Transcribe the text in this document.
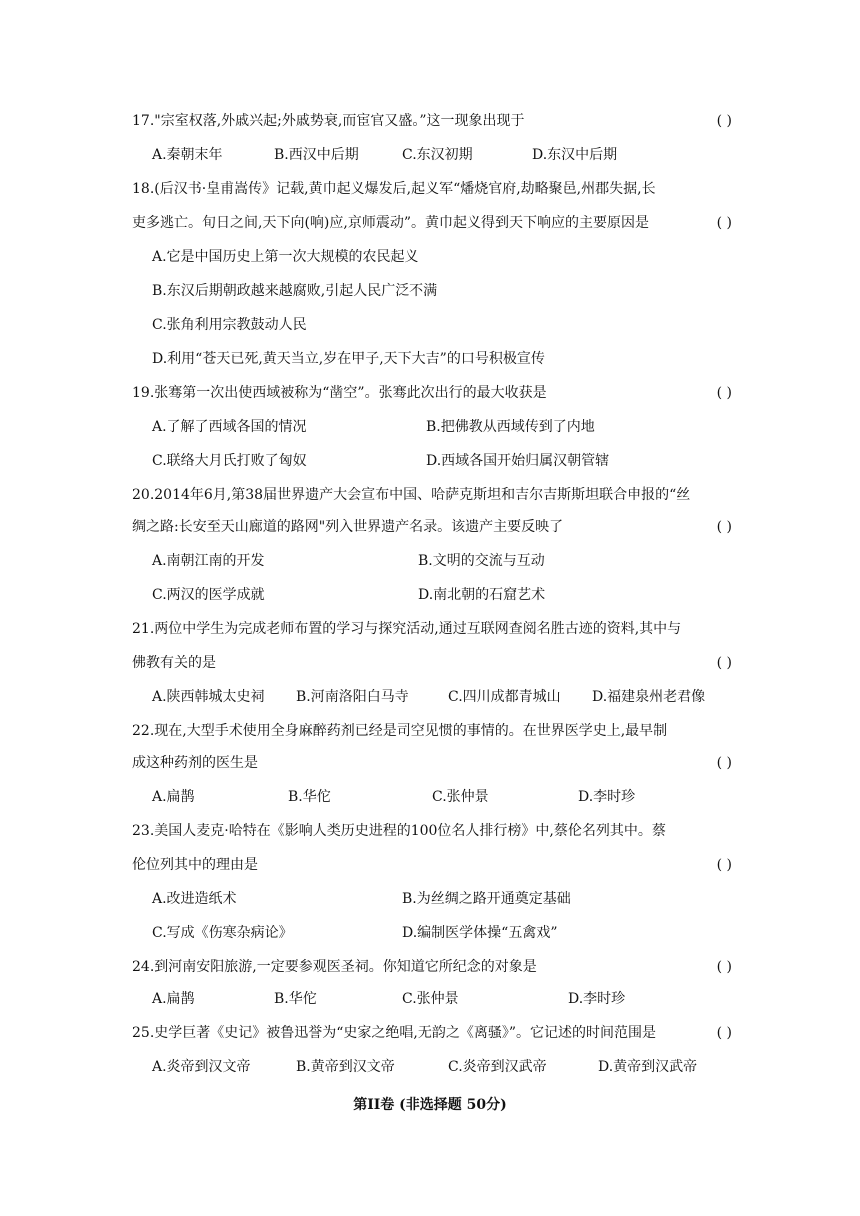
17."宗室权落,外戚兴起;外戚势衰,而宦官又盛。”这一现象出现于	( )
A.秦朝末年	B.西汉中后期	C.东汉初期	D.东汉中后期
18.(后汉书·皇甫嵩传》记载,黄巾起义爆发后,起义军“燔烧官府,劫略聚邑,州郡失据,长
吏多逃亡。旬日之间,天下向(响)应,京师震动”。黄巾起义得到天下响应的主要原因是	( )
A.它是中国历史上第一次大规模的农民起义
B.东汉后期朝政越来越腐败,引起人民广泛不满
C.张角利用宗教鼓动人民
D.利用“苍天已死,黄天当立,岁在甲子,天下大吉”的口号积极宣传
19.张骞第一次出使西域被称为“凿空”。张骞此次出行的最大收获是	( )
A.了解了西域各国的情况	B.把佛教从西域传到了内地
C.联络大月氏打败了匈奴	D.西域各国开始归属汉朝管辖
20.2014年6月,第38届世界遗产大会宣布中国、哈萨克斯坦和吉尔吉斯斯坦联合申报的“丝
绸之路:长安至天山廊道的路网"列入世界遗产名录。该遗产主要反映了	( )
A.南朝江南的开发	B.文明的交流与互动
C.两汉的医学成就	D.南北朝的石窟艺术
21.两位中学生为完成老师布置的学习与探究活动,通过互联网查阅名胜古迹的资料,其中与
佛教有关的是	( )
A.陕西韩城太史祠 B.河南洛阳白马寺	C.四川成都青城山 D.福建泉州老君像
22.现在,大型手术使用全身麻醉药剂已经是司空见惯的事情的。在世界医学史上,最早制
成这种药剂的医生是	( )
A.扁鹊	B.华佗	C.张仲景	D.李时珍
23.美国人麦克·哈特在《影响人类历史进程的100位名人排行榜》中,蔡伦名列其中。蔡
伦位列其中的理由是	( )
A.改进造纸术	B.为丝绸之路开通奠定基础
C.写成《伤寒杂病论》	D.编制医学体操“五禽戏”
24.到河南安阳旅游,一定要参观医圣祠。你知道它所纪念的对象是	( )
A.扁鹊	B.华佗	C.张仲景	D.李时珍
25.史学巨著《史记》被鲁迅誉为“史家之绝唱,无韵之《离骚》”。它记述的时间范围是	( )
A.炎帝到汉文帝	B.黄帝到汉文帝	C.炎帝到汉武帝	D.黄帝到汉武帝
第II卷 (非选择题 50分)
